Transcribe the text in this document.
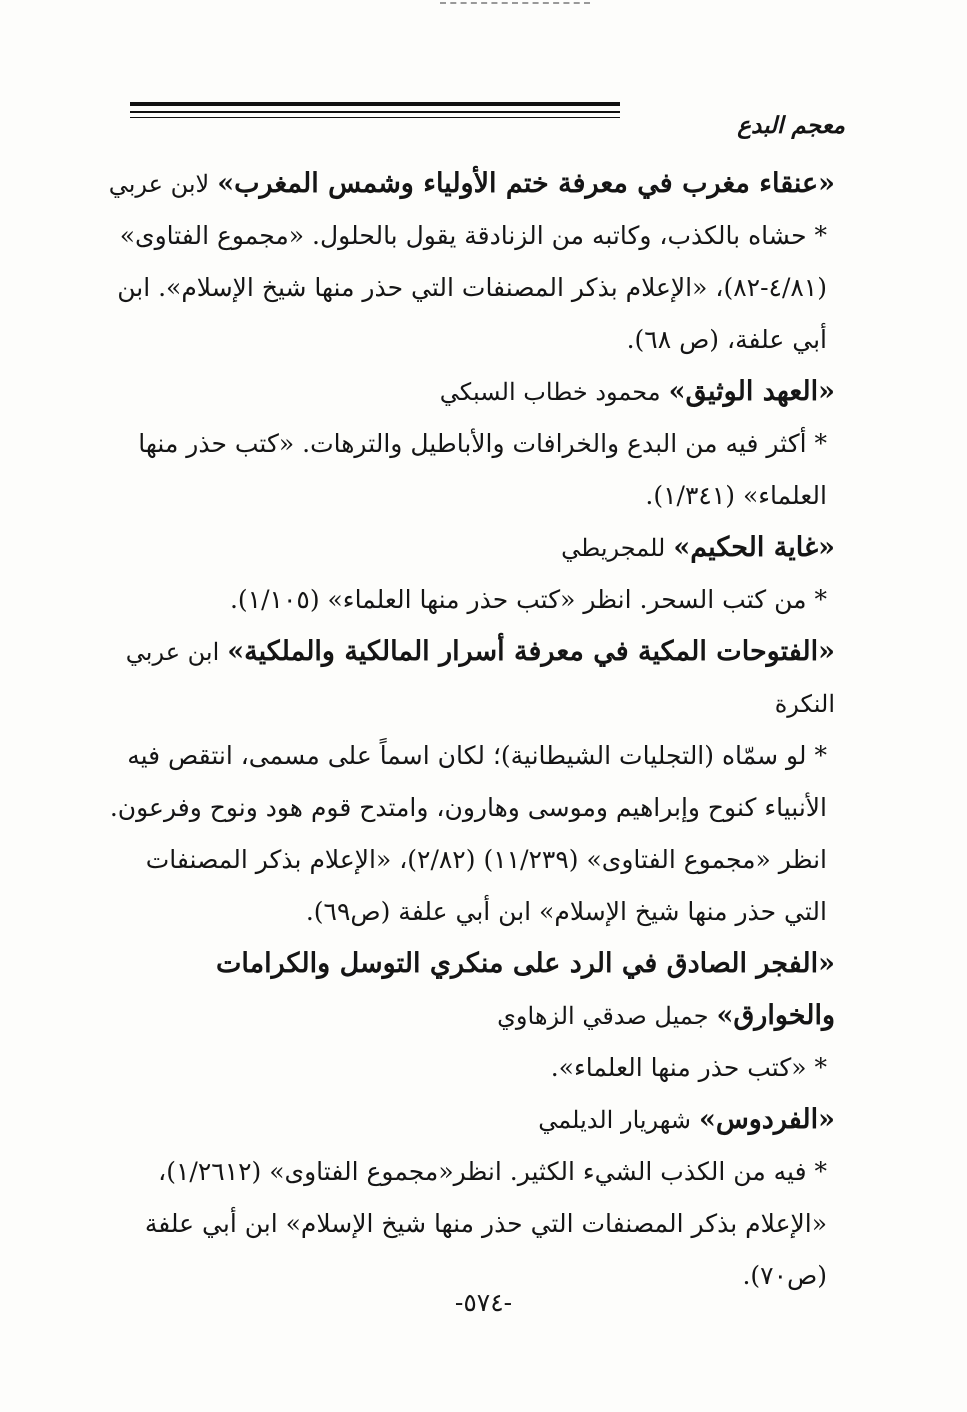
معجم البدع

«عنقاء مغرب في معرفة ختم الأولياء وشمس المغرب» لابن عربي

* حشاه بالكذب، وكاتبه من الزنادقة يقول بالحلول. «مجموع الفتاوى» (٤/٨١-٨٢)، «الإعلام بذكر المصنفات التي حذر منها شيخ الإسلام». ابن أبي علفة، (ص ٦٨).

«العهد الوثيق» محمود خطاب السبكي

* أكثر فيه من البدع والخرافات والأباطيل والترهات. «كتب حذر منها العلماء» (١/٣٤١).

«غاية الحكيم» للمجريطي

* من كتب السحر. انظر «كتب حذر منها العلماء» (١/١٠٥).

«الفتوحات المكية في معرفة أسرار المالكية والملكية» ابن عربي النكرة

* لو سمّاه (التجليات الشيطانية)؛ لكان اسماً على مسمى، انتقص فيه الأنبياء كنوح وإبراهيم وموسى وهارون، وامتدح قوم هود ونوح وفرعون. انظر «مجموع الفتاوى» (١١/٢٣٩) (٢/٨٢)، «الإعلام بذكر المصنفات التي حذر منها شيخ الإسلام» ابن أبي علفة (ص٦٩).

«الفجر الصادق في الرد على منكري التوسل والكرامات والخوارق» جميل صدقي الزهاوي

* «كتب حذر منها العلماء».

«الفردوس» شهريار الديلمي

* فيه من الكذب الشيء الكثير. انظر«مجموع الفتاوى» (١/٢٦١٢)، «الإعلام بذكر المصنفات التي حذر منها شيخ الإسلام» ابن أبي علفة (ص٧٠).

-٥٧٤-
